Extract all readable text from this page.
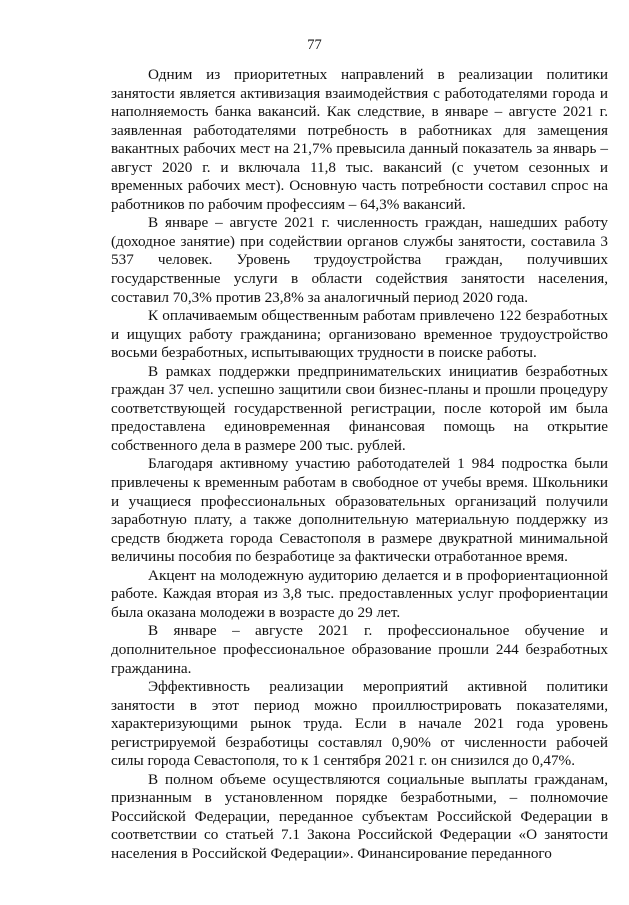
77

Одним из приоритетных направлений в реализации политики занятости является активизация взаимодействия с работодателями города и наполняемость банка вакансий. Как следствие, в январе – августе 2021 г. заявленная работодателями потребность в работниках для замещения вакантных рабочих мест на 21,7% превысила данный показатель за январь – август 2020 г. и включала 11,8 тыс. вакансий (с учетом сезонных и временных рабочих мест). Основную часть потребности составил спрос на работников по рабочим профессиям – 64,3% вакансий.

В январе – августе 2021 г. численность граждан, нашедших работу (доходное занятие) при содействии органов службы занятости, составила 3 537 человек. Уровень трудоустройства граждан, получивших государственные услуги в области содействия занятости населения, составил 70,3% против 23,8% за аналогичный период 2020 года.

К оплачиваемым общественным работам привлечено 122 безработных и ищущих работу гражданина; организовано временное трудоустройство восьми безработных, испытывающих трудности в поиске работы.

В рамках поддержки предпринимательских инициатив безработных граждан 37 чел. успешно защитили свои бизнес-планы и прошли процедуру соответствующей государственной регистрации, после которой им была предоставлена единовременная финансовая помощь на открытие собственного дела в размере 200 тыс. рублей.

Благодаря активному участию работодателей 1 984 подростка были привлечены к временным работам в свободное от учебы время. Школьники и учащиеся профессиональных образовательных организаций получили заработную плату, а также дополнительную материальную поддержку из средств бюджета города Севастополя в размере двукратной минимальной величины пособия по безработице за фактически отработанное время.

Акцент на молодежную аудиторию делается и в профориентационной работе. Каждая вторая из 3,8 тыс. предоставленных услуг профориентации была оказана молодежи в возрасте до 29 лет.

В январе – августе 2021 г. профессиональное обучение и дополнительное профессиональное образование прошли 244 безработных гражданина.

Эффективность реализации мероприятий активной политики занятости в этот период можно проиллюстрировать показателями, характеризующими рынок труда. Если в начале 2021 года уровень регистрируемой безработицы составлял 0,90% от численности рабочей силы города Севастополя, то к 1 сентября 2021 г. он снизился до 0,47%.

В полном объеме осуществляются социальные выплаты гражданам, признанным в установленном порядке безработными, – полномочие Российской Федерации, переданное субъектам Российской Федерации в соответствии со статьей 7.1 Закона Российской Федерации «О занятости населения в Российской Федерации». Финансирование переданного
